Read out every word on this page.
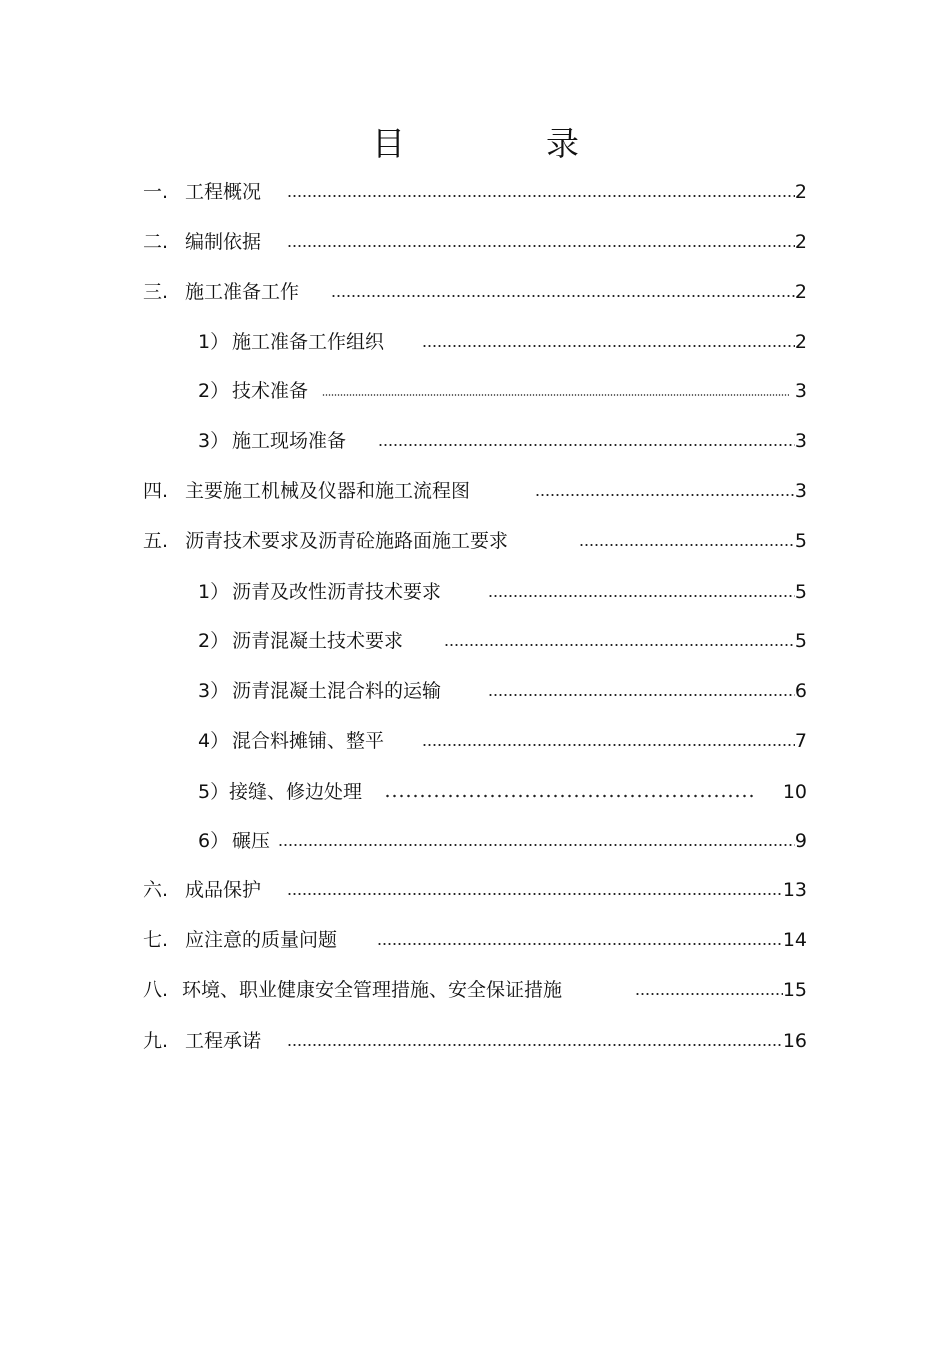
目	录
一. 工程概况	2
二. 编制依据	2
三. 施工准备工作	2
1） 施工准备工作组织	2
2） 技术准备	3
3） 施工现场准备	3
四. 主要施工机械及仪器和施工流程图	3
五. 沥青技术要求及沥青砼施路面施工要求	5
1） 沥青及改性沥青技术要求	5
2） 沥青混凝土技术要求	5
3） 沥青混凝土混合料的运输	6
4） 混合料摊铺、整平	7
5） 接缝、修边处理	10
6） 碾压	9
六. 成品保护	13
七. 应注意的质量问题	14
八. 环境、职业健康安全管理措施、安全保证措施	15
九. 工程承诺	16
